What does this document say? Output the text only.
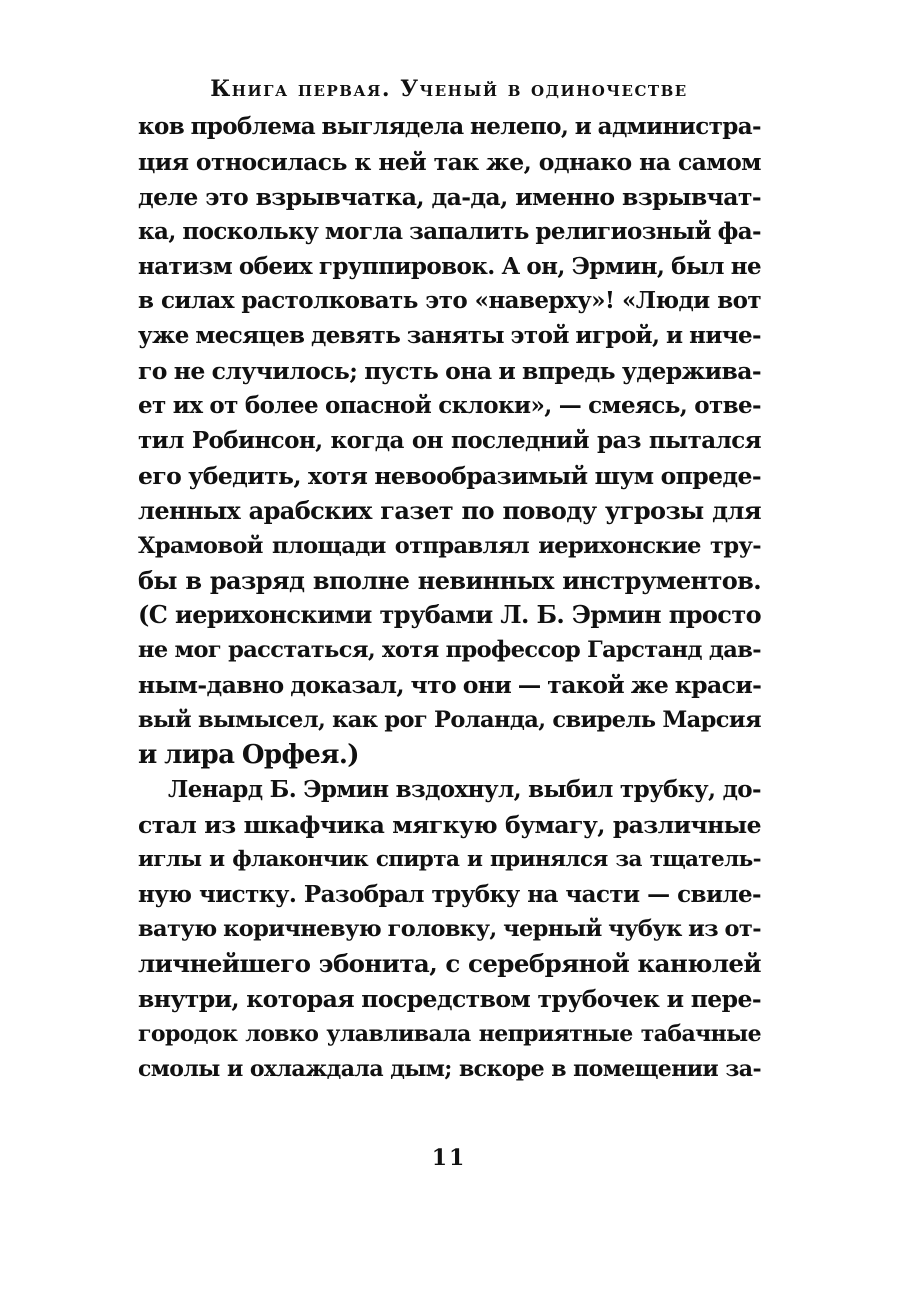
Книга первая. Ученый в одиночестве
ков проблема выглядела нелепо, и администра-
ция относилась к ней так же, однако на самом
деле это взрывчатка, да-да, именно взрывчат-
ка, поскольку могла запалить религиозный фа-
натизм обеих группировок. А он, Эрмин, был не
в силах растолковать это «наверху»! «Люди вот
уже месяцев девять заняты этой игрой, и ниче-
го не случилось; пусть она и впредь удержива-
ет их от более опасной склоки», — смеясь, отве-
тил Робинсон, когда он последний раз пытался
его убедить, хотя невообразимый шум опреде-
ленных арабских газет по поводу угрозы для
Храмовой площади отправлял иерихонские тру-
бы в разряд вполне невинных инструментов.
(С иерихонскими трубами Л. Б. Эрмин просто
не мог расстаться, хотя профессор Гарстанд дав-
ным-давно доказал, что они — такой же краси-
вый вымысел, как рог Роланда, свирель Марсия
и лира Орфея.)
Ленард Б. Эрмин вздохнул, выбил трубку, до-
стал из шкафчика мягкую бумагу, различные
иглы и флакончик спирта и принялся за тщатель-
ную чистку. Разобрал трубку на части — свиле-
ватую коричневую головку, черный чубук из от-
личнейшего эбонита, с серебряной канюлей
внутри, которая посредством трубочек и пере-
городок ловко улавливала неприятные табачные
смолы и охлаждала дым; вскоре в помещении за-
11
